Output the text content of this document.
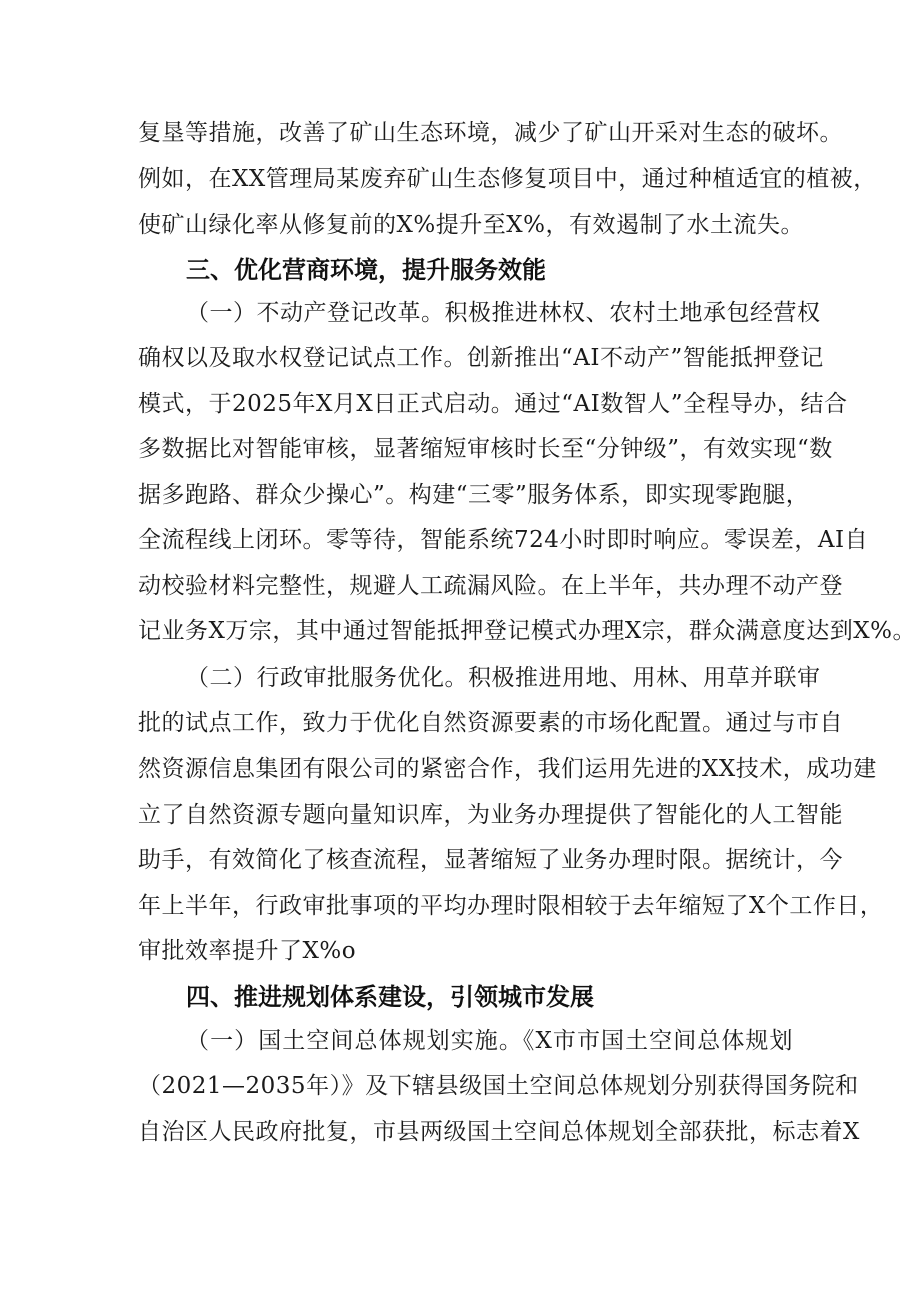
复垦等措施，改善了矿山生态环境，减少了矿山开采对生态的破坏。
例如，在XX管理局某废弃矿山生态修复项目中，通过种植适宜的植被，
使矿山绿化率从修复前的X%提升至X%，有效遏制了水土流失。
三、优化营商环境，提升服务效能
（一）不动产登记改革。积极推进林权、农村土地承包经营权
确权以及取水权登记试点工作。创新推出“AI不动产”智能抵押登记
模式，于2025年X月X日正式启动。通过“AI数智人”全程导办，结合
多数据比对智能审核，显著缩短审核时长至“分钟级”，有效实现“数
据多跑路、群众少操心”。构建“三零”服务体系，即实现零跑腿，
全流程线上闭环。零等待，智能系统724小时即时响应。零误差，AI自
动校验材料完整性，规避人工疏漏风险。在上半年，共办理不动产登
记业务X万宗，其中通过智能抵押登记模式办理X宗，群众满意度达到X%。
（二）行政审批服务优化。积极推进用地、用林、用草并联审
批的试点工作，致力于优化自然资源要素的市场化配置。通过与市自
然资源信息集团有限公司的紧密合作，我们运用先进的XX技术，成功建
立了自然资源专题向量知识库，为业务办理提供了智能化的人工智能
助手，有效简化了核查流程，显著缩短了业务办理时限。据统计，今
年上半年，行政审批事项的平均办理时限相较于去年缩短了X个工作日，
审批效率提升了X%o
四、推进规划体系建设，引领城市发展
（一）国土空间总体规划实施。《X市市国土空间总体规划
（2021—2035年）》及下辖县级国土空间总体规划分别获得国务院和
自治区人民政府批复，市县两级国土空间总体规划全部获批，标志着X
